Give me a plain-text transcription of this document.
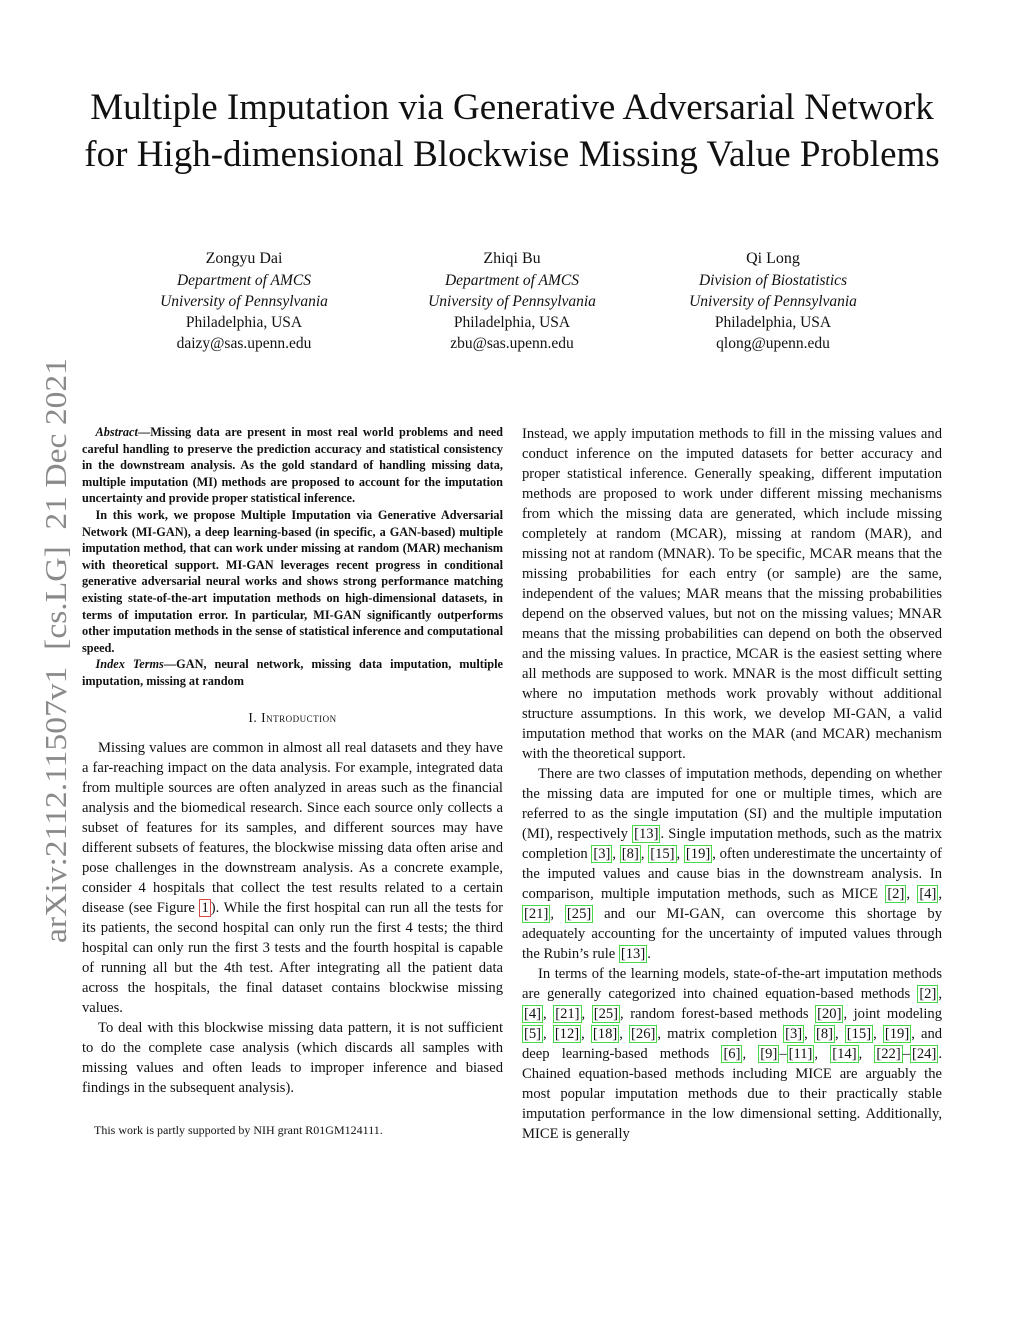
arXiv:2112.11507v1  [cs.LG]  21 Dec 2021
Multiple Imputation via Generative Adversarial Network for High-dimensional Blockwise Missing Value Problems
Zongyu Dai
Department of AMCS
University of Pennsylvania
Philadelphia, USA
daizy@sas.upenn.edu
Zhiqi Bu
Department of AMCS
University of Pennsylvania
Philadelphia, USA
zbu@sas.upenn.edu
Qi Long
Division of Biostatistics
University of Pennsylvania
Philadelphia, USA
qlong@upenn.edu

Abstract—Missing data are present in most real world problems and need careful handling to preserve the prediction accuracy and statistical consistency in the downstream analysis. As the gold standard of handling missing data, multiple imputation (MI) methods are proposed to account for the imputation uncertainty and provide proper statistical inference.

In this work, we propose Multiple Imputation via Generative Adversarial Network (MI-GAN), a deep learning-based (in specific, a GAN-based) multiple imputation method, that can work under missing at random (MAR) mechanism with theoretical support. MI-GAN leverages recent progress in conditional generative adversarial neural works and shows strong performance matching existing state-of-the-art imputation methods on high-dimensional datasets, in terms of imputation error. In particular, MI-GAN significantly outperforms other imputation methods in the sense of statistical inference and computational speed.

Index Terms—GAN, neural network, missing data imputation, multiple imputation, missing at random

I. Introduction

Missing values are common in almost all real datasets and they have a far-reaching impact on the data analysis. For example, integrated data from multiple sources are often analyzed in areas such as the financial analysis and the biomedical research. Since each source only collects a subset of features for its samples, and different sources may have different subsets of features, the blockwise missing data often arise and pose challenges in the downstream analysis. As a concrete example, consider 4 hospitals that collect the test results related to a certain disease (see Figure 1 ). While the first hospital can run all the tests for its patients, the second hospital can only run the first 4 tests; the third hospital can only run the first 3 tests and the fourth hospital is capable of running all but the 4th test. After integrating all the patient data across the hospitals, the final dataset contains blockwise missing values.

To deal with this blockwise missing data pattern, it is not sufficient to do the complete case analysis (which discards all samples with missing values and often leads to improper inference and biased findings in the subsequent analysis).

This work is partly supported by NIH grant R01GM124111.

Instead, we apply imputation methods to fill in the missing values and conduct inference on the imputed datasets for better accuracy and proper statistical inference. Generally speaking, different imputation methods are proposed to work under different missing mechanisms from which the missing data are generated, which include missing completely at random (MCAR), missing at random (MAR), and missing not at random (MNAR). To be specific, MCAR means that the missing probabilities for each entry (or sample) are the same, independent of the values; MAR means that the missing probabilities depend on the observed values, but not on the missing values; MNAR means that the missing probabilities can depend on both the observed and the missing values. In practice, MCAR is the easiest setting where all methods are supposed to work. MNAR is the most difficult setting where no imputation methods work provably without additional structure assumptions. In this work, we develop MI-GAN, a valid imputation method that works on the MAR (and MCAR) mechanism with the theoretical support.

There are two classes of imputation methods, depending on whether the missing data are imputed for one or multiple times, which are referred to as the single imputation (SI) and the multiple imputation (MI), respectively [13] . Single imputation methods, such as the matrix completion [3] , [8] , [15] , [19] , often underestimate the uncertainty of the imputed values and cause bias in the downstream analysis. In comparison, multiple imputation methods, such as MICE [2] , [4] , [21] , [25] and our MI-GAN, can overcome this shortage by adequately accounting for the uncertainty of imputed values through the Rubin’s rule [13] .

In terms of the learning models, state-of-the-art imputation methods are generally categorized into chained equation-based methods [2] , [4] , [21] , [25] , random forest-based methods [20] , joint modeling [5] , [12] , [18] , [26] , matrix completion [3] , [8] , [15] , [19] , and deep learning-based methods [6] , [9] – [11] , [14] , [22] – [24] . Chained equation-based methods including MICE are arguably the most popular imputation methods due to their practically stable imputation performance in the low dimensional setting. Additionally, MICE is generally
